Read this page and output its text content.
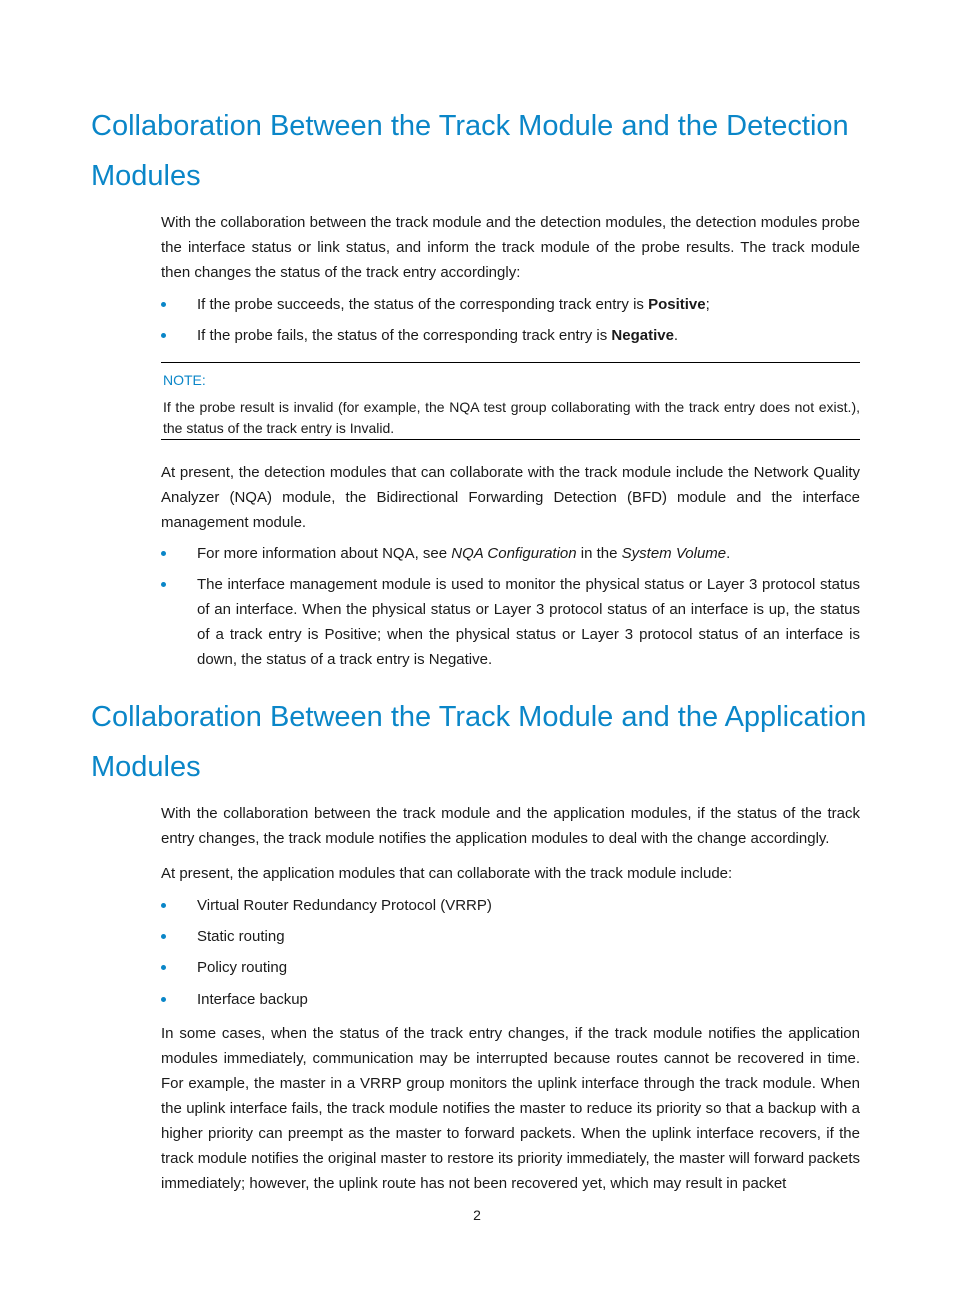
Collaboration Between the Track Module and the Detection
Modules

With the collaboration between the track module and the detection modules, the detection modules probe the interface status or link status, and inform the track module of the probe results. The track module then changes the status of the track entry accordingly:

If the probe succeeds, the status of the corresponding track entry is Positive;
If the probe fails, the status of the corresponding track entry is Negative.
NOTE:
If the probe result is invalid (for example, the NQA test group collaborating with the track entry does not exist.), the status of the track entry is Invalid.

At present, the detection modules that can collaborate with the track module include the Network Quality Analyzer (NQA) module, the Bidirectional Forwarding Detection (BFD) module and the interface management module.

For more information about NQA, see NQA Configuration in the System Volume.
The interface management module is used to monitor the physical status or Layer 3 protocol status of an interface. When the physical status or Layer 3 protocol status of an interface is up, the status of a track entry is Positive; when the physical status or Layer 3 protocol status of an interface is down, the status of a track entry is Negative.
Collaboration Between the Track Module and the Application
Modules

With the collaboration between the track module and the application modules, if the status of the track entry changes, the track module notifies the application modules to deal with the change accordingly.

At present, the application modules that can collaborate with the track module include:

Virtual Router Redundancy Protocol (VRRP)
Static routing
Policy routing
Interface backup

In some cases, when the status of the track entry changes, if the track module notifies the application modules immediately, communication may be interrupted because routes cannot be recovered in time. For example, the master in a VRRP group monitors the uplink interface through the track module. When the uplink interface fails, the track module notifies the master to reduce its priority so that a backup with a higher priority can preempt as the master to forward packets. When the uplink interface recovers, if the track module notifies the original master to restore its priority immediately, the master will forward packets immediately; however, the uplink route has not been recovered yet, which may result in packet

2
